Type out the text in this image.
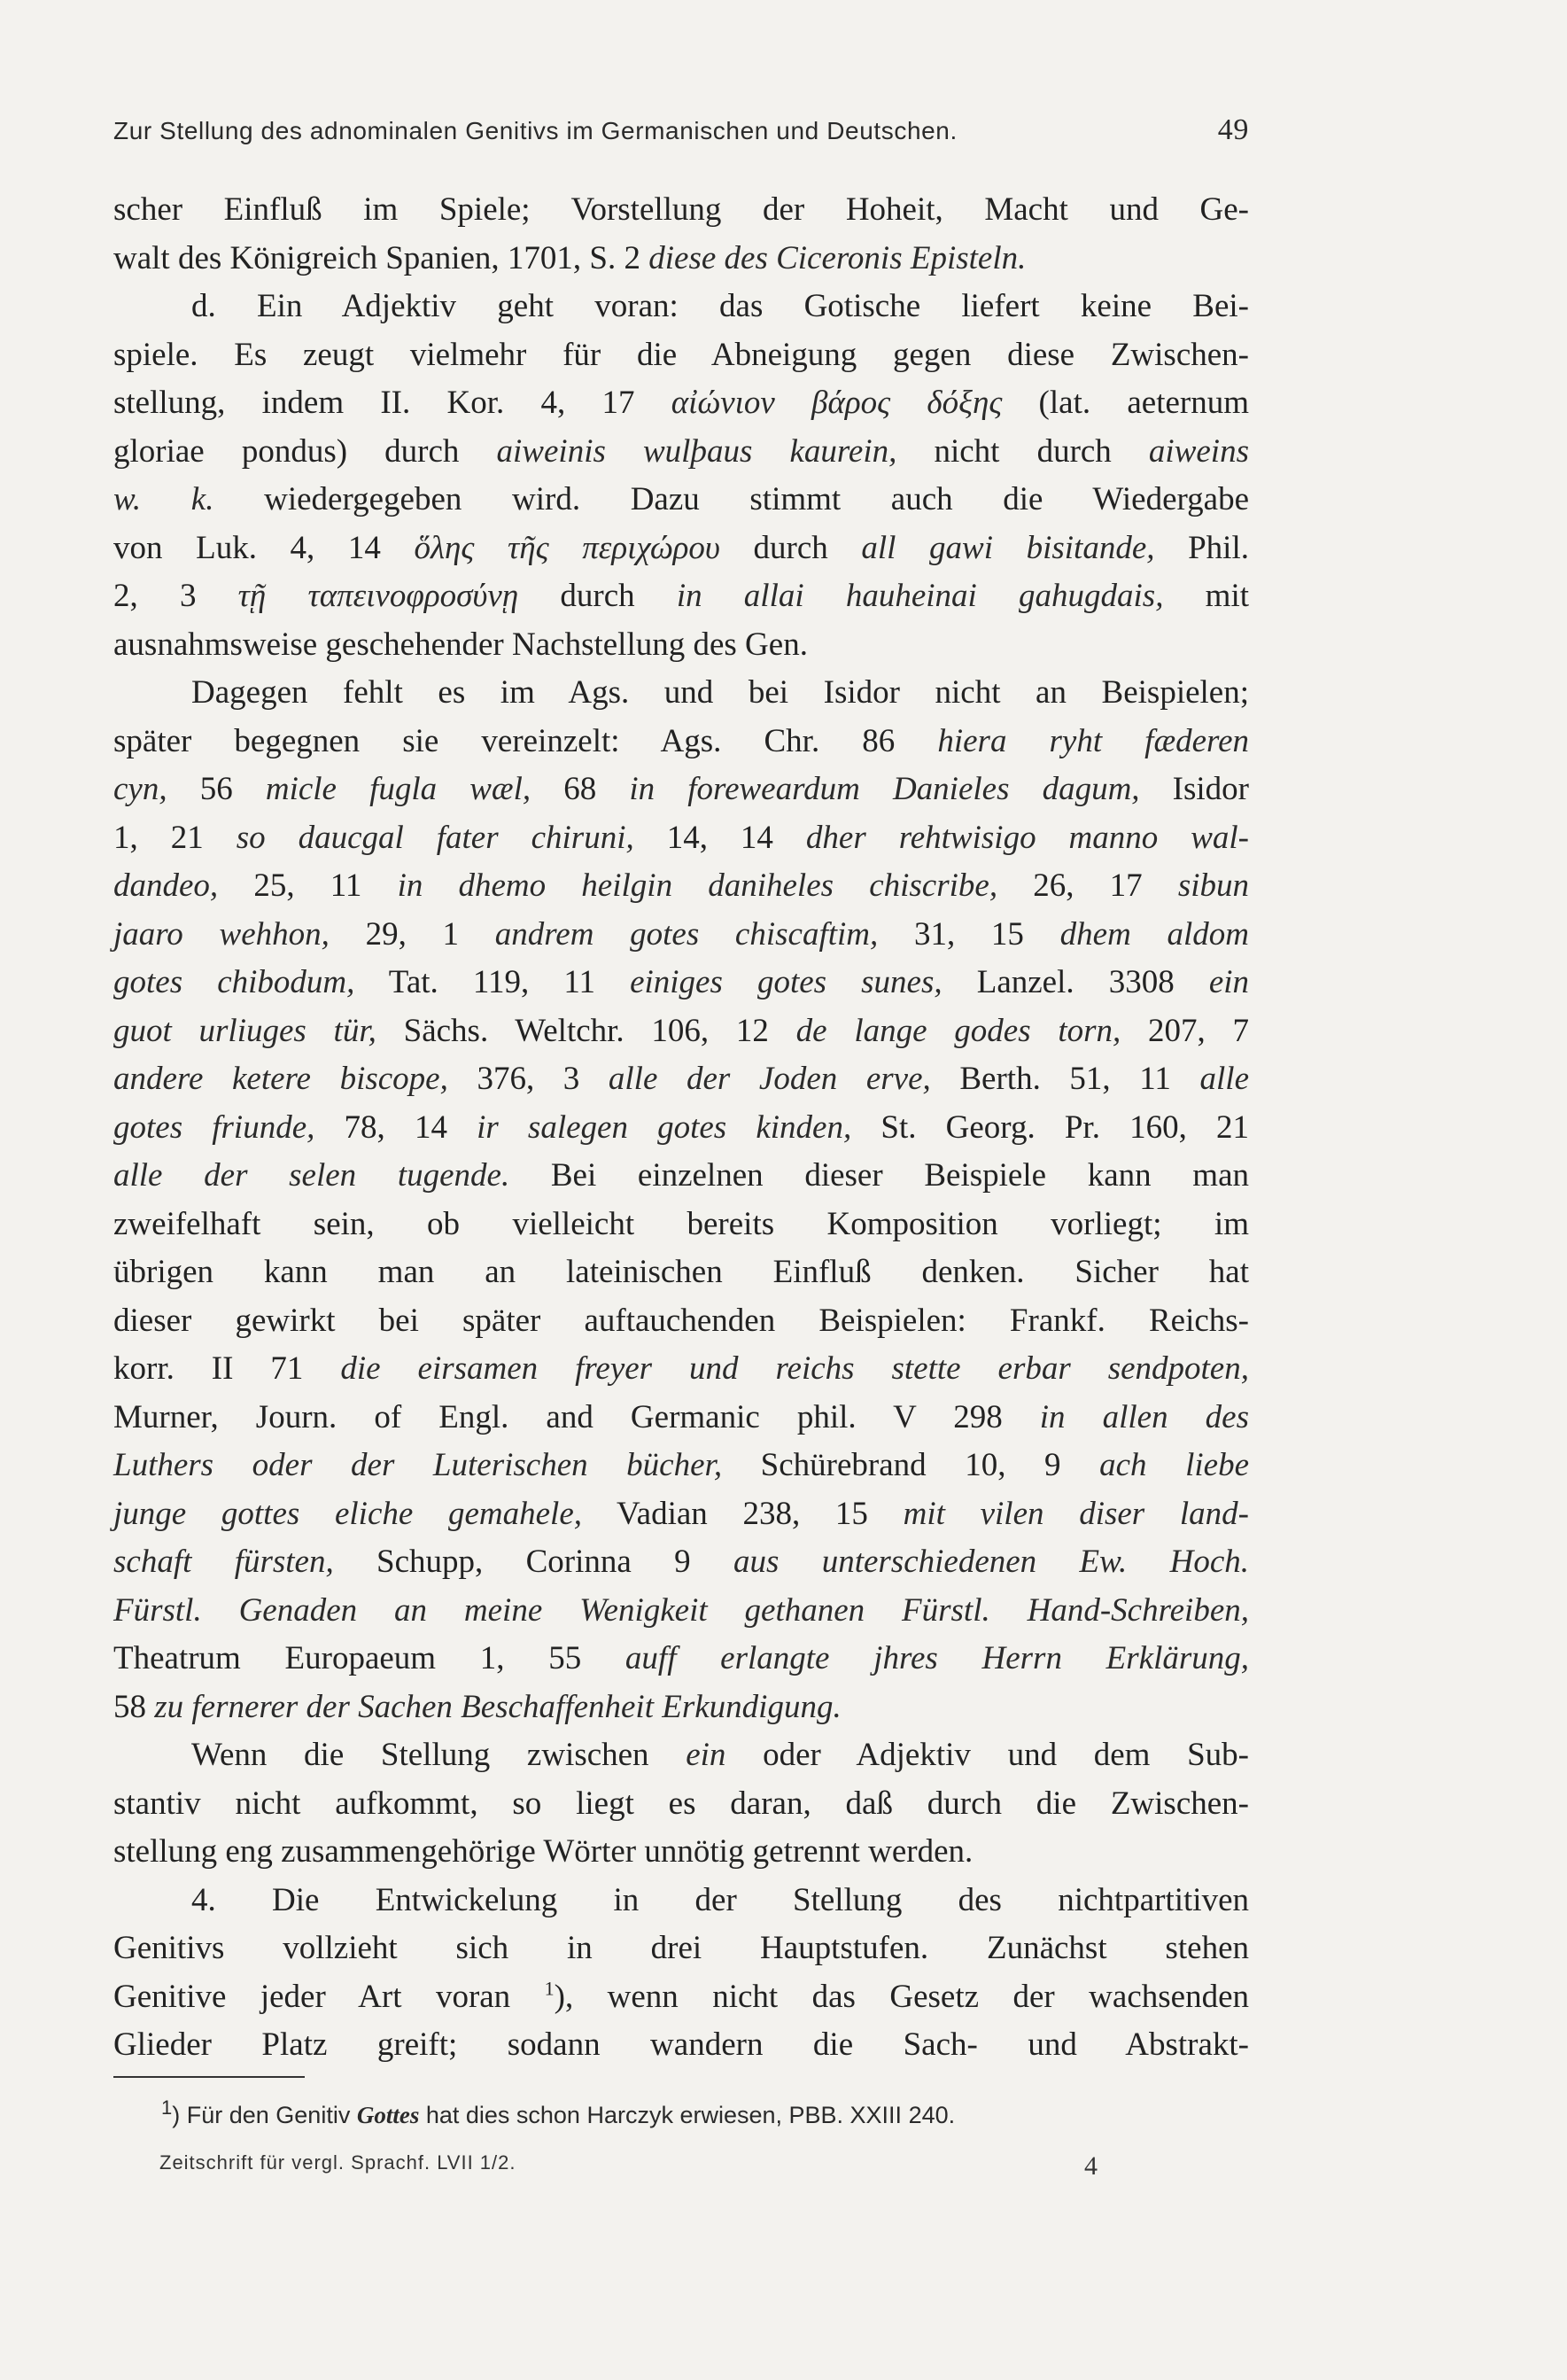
Zur Stellung des adnominalen Genitivs im Germanischen und Deutschen.	49
scher Einfluß im Spiele; Vorstellung der Hoheit, Macht und Ge-
walt des Königreich Spanien, 1701, S. 2 diese des Ciceronis Episteln.
d. Ein Adjektiv geht voran: das Gotische liefert keine Bei-
spiele. Es zeugt vielmehr für die Abneigung gegen diese Zwischen-
stellung, indem II. Kor. 4, 17 αἰώνιον βάρος δόξης (lat. aeternum
gloriae pondus) durch aiweinis wulþaus kaurein, nicht durch aiweins
w. k. wiedergegeben wird. Dazu stimmt auch die Wiedergabe
von Luk. 4, 14 ὅλης τῆς περιχώρου durch all gawi bisitande, Phil.
2, 3 τῇ ταπεινοφροσύνῃ durch in allai hauheinai gahugdais, mit
ausnahmsweise geschehender Nachstellung des Gen.
Dagegen fehlt es im Ags. und bei Isidor nicht an Beispielen;
später begegnen sie vereinzelt: Ags. Chr. 86 hiera ryht fæderen
cyn, 56 micle fugla wæl, 68 in foreweardum Danieles dagum, Isidor
1, 21 so daucgal fater chiruni, 14, 14 dher rehtwisigo manno wal-
dandeo, 25, 11 in dhemo heilgin daniheles chiscribe, 26, 17 sibun
jaaro wehhon, 29, 1 andrem gotes chiscaftim, 31, 15 dhem aldom
gotes chibodum, Tat. 119, 11 einiges gotes sunes, Lanzel. 3308 ein
guot urliuges tür, Sächs. Weltchr. 106, 12 de lange godes torn, 207, 7
andere ketere biscope, 376, 3 alle der Joden erve, Berth. 51, 11 alle
gotes friunde, 78, 14 ir salegen gotes kinden, St. Georg. Pr. 160, 21
alle der selen tugende. Bei einzelnen dieser Beispiele kann man
zweifelhaft sein, ob vielleicht bereits Komposition vorliegt; im
übrigen kann man an lateinischen Einfluß denken. Sicher hat
dieser gewirkt bei später auftauchenden Beispielen: Frankf. Reichs-
korr. II 71 die eirsamen freyer und reichs stette erbar sendpoten,
Murner, Journ. of Engl. and Germanic phil. V 298 in allen des
Luthers oder der Luterischen bücher, Schürebrand 10, 9 ach liebe
junge gottes eliche gemahele, Vadian 238, 15 mit vilen diser land-
schaft fürsten, Schupp, Corinna 9 aus unterschiedenen Ew. Hoch.
Fürstl. Genaden an meine Wenigkeit gethanen Fürstl. Hand-Schreiben,
Theatrum Europaeum 1, 55 auff erlangte jhres Herrn Erklärung,
58 zu fernerer der Sachen Beschaffenheit Erkundigung.
Wenn die Stellung zwischen ein oder Adjektiv und dem Sub-
stantiv nicht aufkommt, so liegt es daran, daß durch die Zwischen-
stellung eng zusammengehörige Wörter unnötig getrennt werden.
4. Die Entwickelung in der Stellung des nichtpartitiven
Genitivs vollzieht sich in drei Hauptstufen. Zunächst stehen
Genitive jeder Art voran $^1$), wenn nicht das Gesetz der wachsenden
Glieder Platz greift; sodann wandern die Sach- und Abstrakt-
$^1$) Für den Genitiv Gottes hat dies schon Harczyk erwiesen, PBB. XXIII 240.
Zeitschrift für vergl. Sprachf. LVII 1/2.	4
